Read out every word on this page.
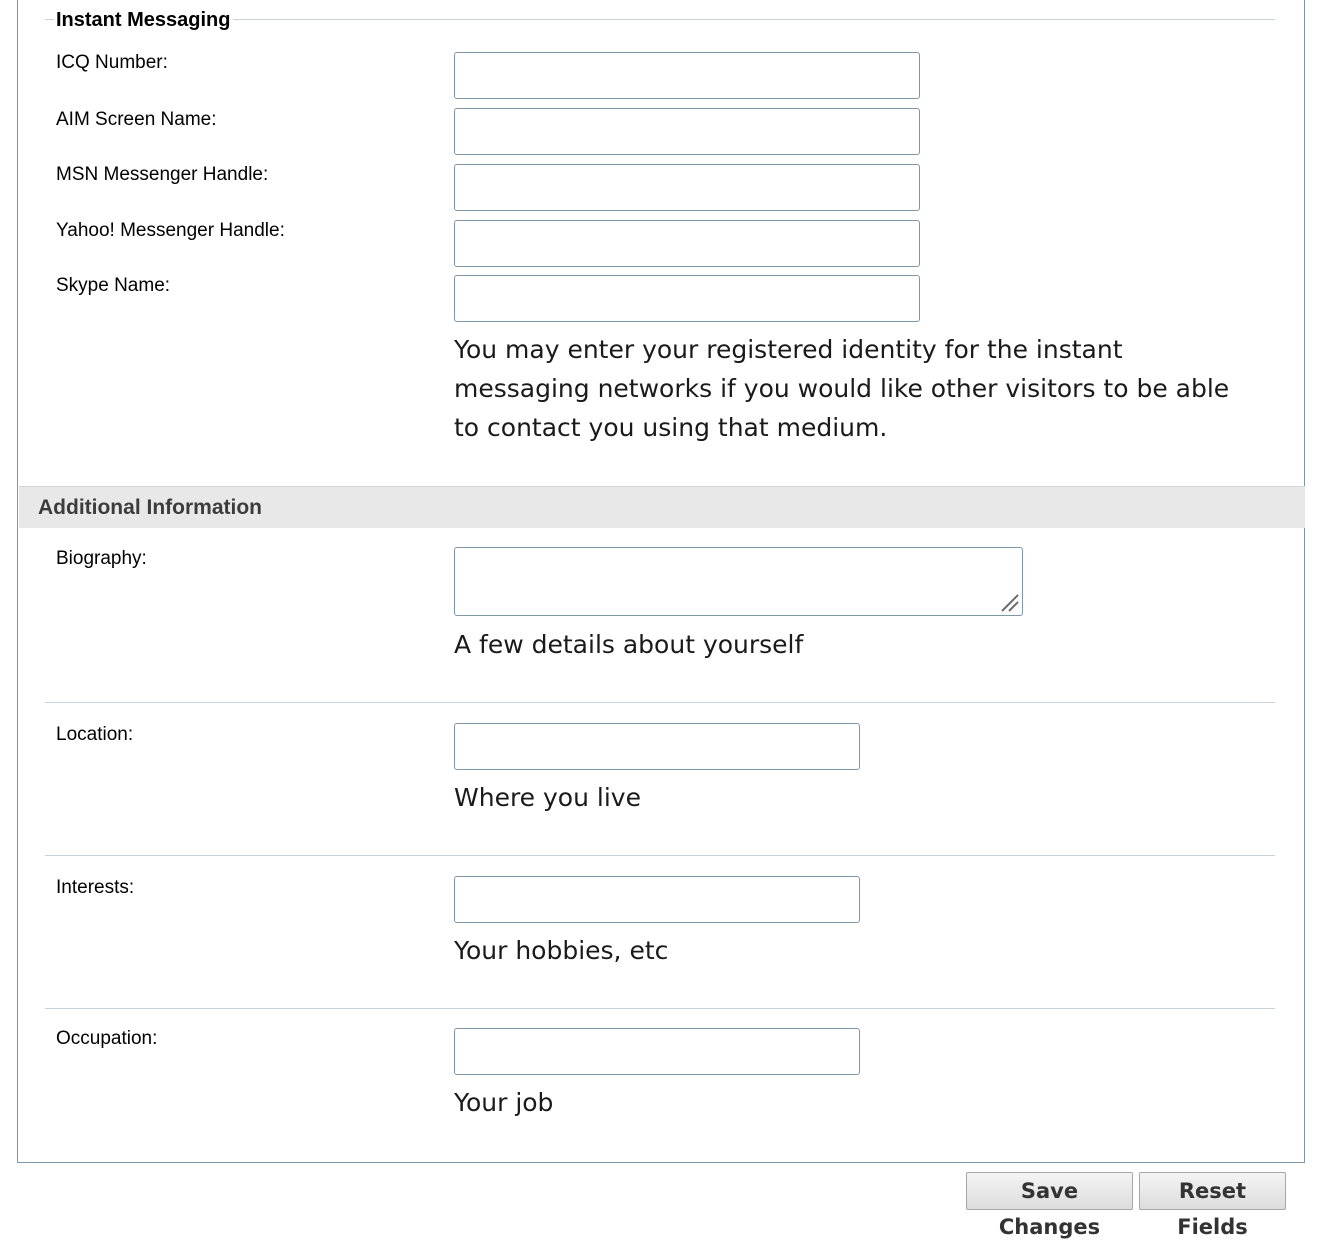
Instant Messaging
ICQ Number:
AIM Screen Name:
MSN Messenger Handle:
Yahoo! Messenger Handle:
Skype Name:
You may enter your registered identity for the instant
messaging networks if you would like other visitors to be able
to contact you using that medium.
Additional Information
Biography:
A few details about yourself
Location:
Where you live
Interests:
Your hobbies, etc
Occupation:
Your job
Save Changes
Reset Fields
